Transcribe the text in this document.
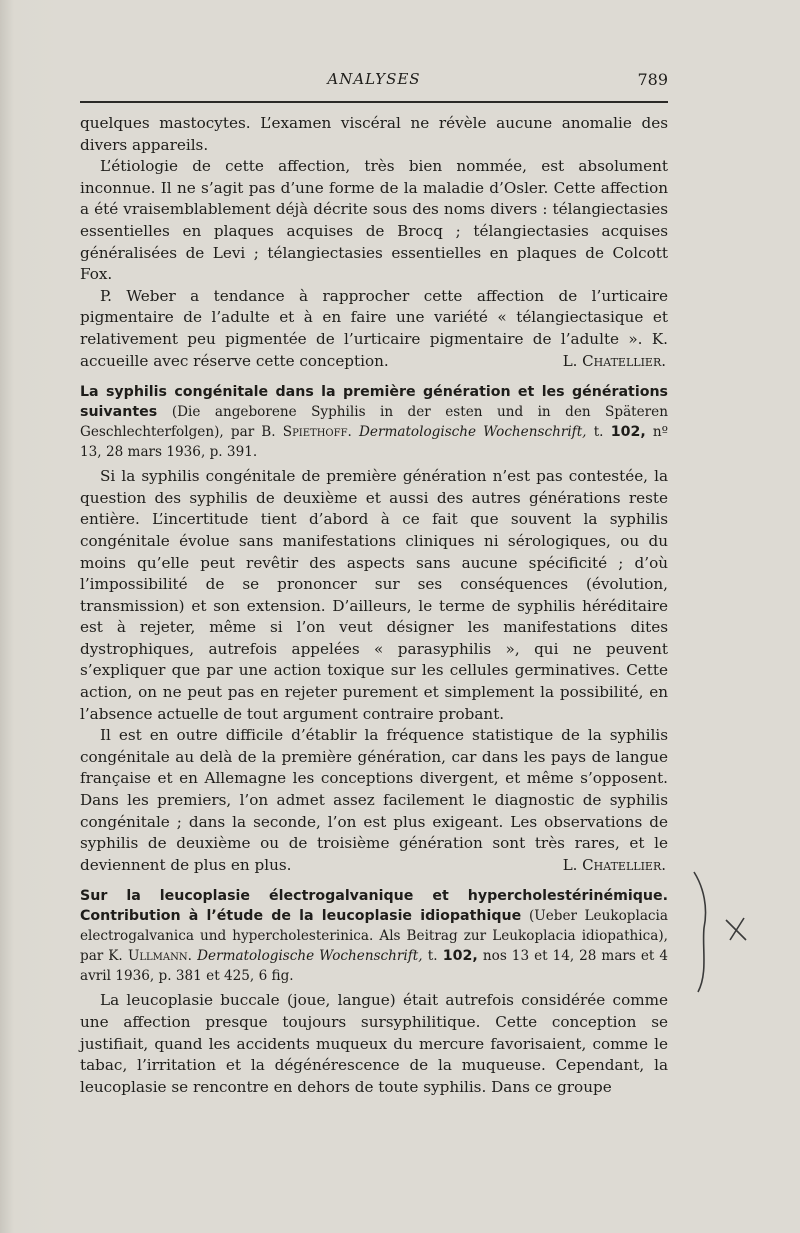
ANALYSES	789

quelques mastocytes. L’examen viscéral ne révèle aucune anomalie des divers appareils.

L’étiologie de cette affection, très bien nommée, est absolument inconnue. Il ne s’agit pas d’une forme de la maladie d’Osler. Cette affection a été vraisemblablement déjà décrite sous des noms divers : télangiectasies essentielles en plaques acquises de Brocq ; télangiectasies acquises généralisées de Levi ; télangiectasies essentielles en plaques de Colcott Fox.

P. Weber a tendance à rapprocher cette affection de l’urticaire pigmentaire de l’adulte et à en faire une variété « télangiectasique et relativement peu pigmentée de l’urticaire pigmentaire de l’adulte ». K. accueille avec réserve cette conception.	L. Chatellier.

La syphilis congénitale dans la première génération et les générations suivantes (Die angeborene Syphilis in der esten und in den Späteren Geschlechterfolgen), par B. Spiethoff. Dermatologische Wochenschrift, t. 102, nº 13, 28 mars 1936, p. 391.

Si la syphilis congénitale de première génération n’est pas contestée, la question des syphilis de deuxième et aussi des autres générations reste entière. L’incertitude tient d’abord à ce fait que souvent la syphilis congénitale évolue sans manifestations cliniques ni sérologiques, ou du moins qu’elle peut revêtir des aspects sans aucune spécificité ; d’où l’impossibilité de se prononcer sur ses conséquences (évolution, transmission) et son extension. D’ailleurs, le terme de syphilis héréditaire est à rejeter, même si l’on veut désigner les manifestations dites dystrophiques, autrefois appelées « parasyphilis », qui ne peuvent s’expliquer que par une action toxique sur les cellules germinatives. Cette action, on ne peut pas en rejeter purement et simplement la possibilité, en l’absence actuelle de tout argument contraire probant.

Il est en outre difficile d’établir la fréquence statistique de la syphilis congénitale au delà de la première génération, car dans les pays de langue française et en Allemagne les conceptions divergent, et même s’opposent. Dans les premiers, l’on admet assez facilement le diagnostic de syphilis congénitale ; dans la seconde, l’on est plus exigeant. Les observations de syphilis de deuxième ou de troisième génération sont très rares, et le deviennent de plus en plus.	L. Chatellier.

Sur la leucoplasie électrogalvanique et hypercholestérinémique. Contribution à l’étude de la leucoplasie idiopathique (Ueber Leukoplacia electrogalvanica und hypercholesterinica. Als Beitrag zur Leukoplacia idiopathica), par K. Ullmann. Dermatologische Wochenschrift, t. 102, nos 13 et 14, 28 mars et 4 avril 1936, p. 381 et 425, 6 fig.

La leucoplasie buccale (joue, langue) était autrefois considérée comme une affection presque toujours sursyphilitique. Cette conception se justifiait, quand les accidents muqueux du mercure favorisaient, comme le tabac, l’irritation et la dégénérescence de la muqueuse. Cependant, la leucoplasie se rencontre en dehors de toute syphilis. Dans ce groupe
